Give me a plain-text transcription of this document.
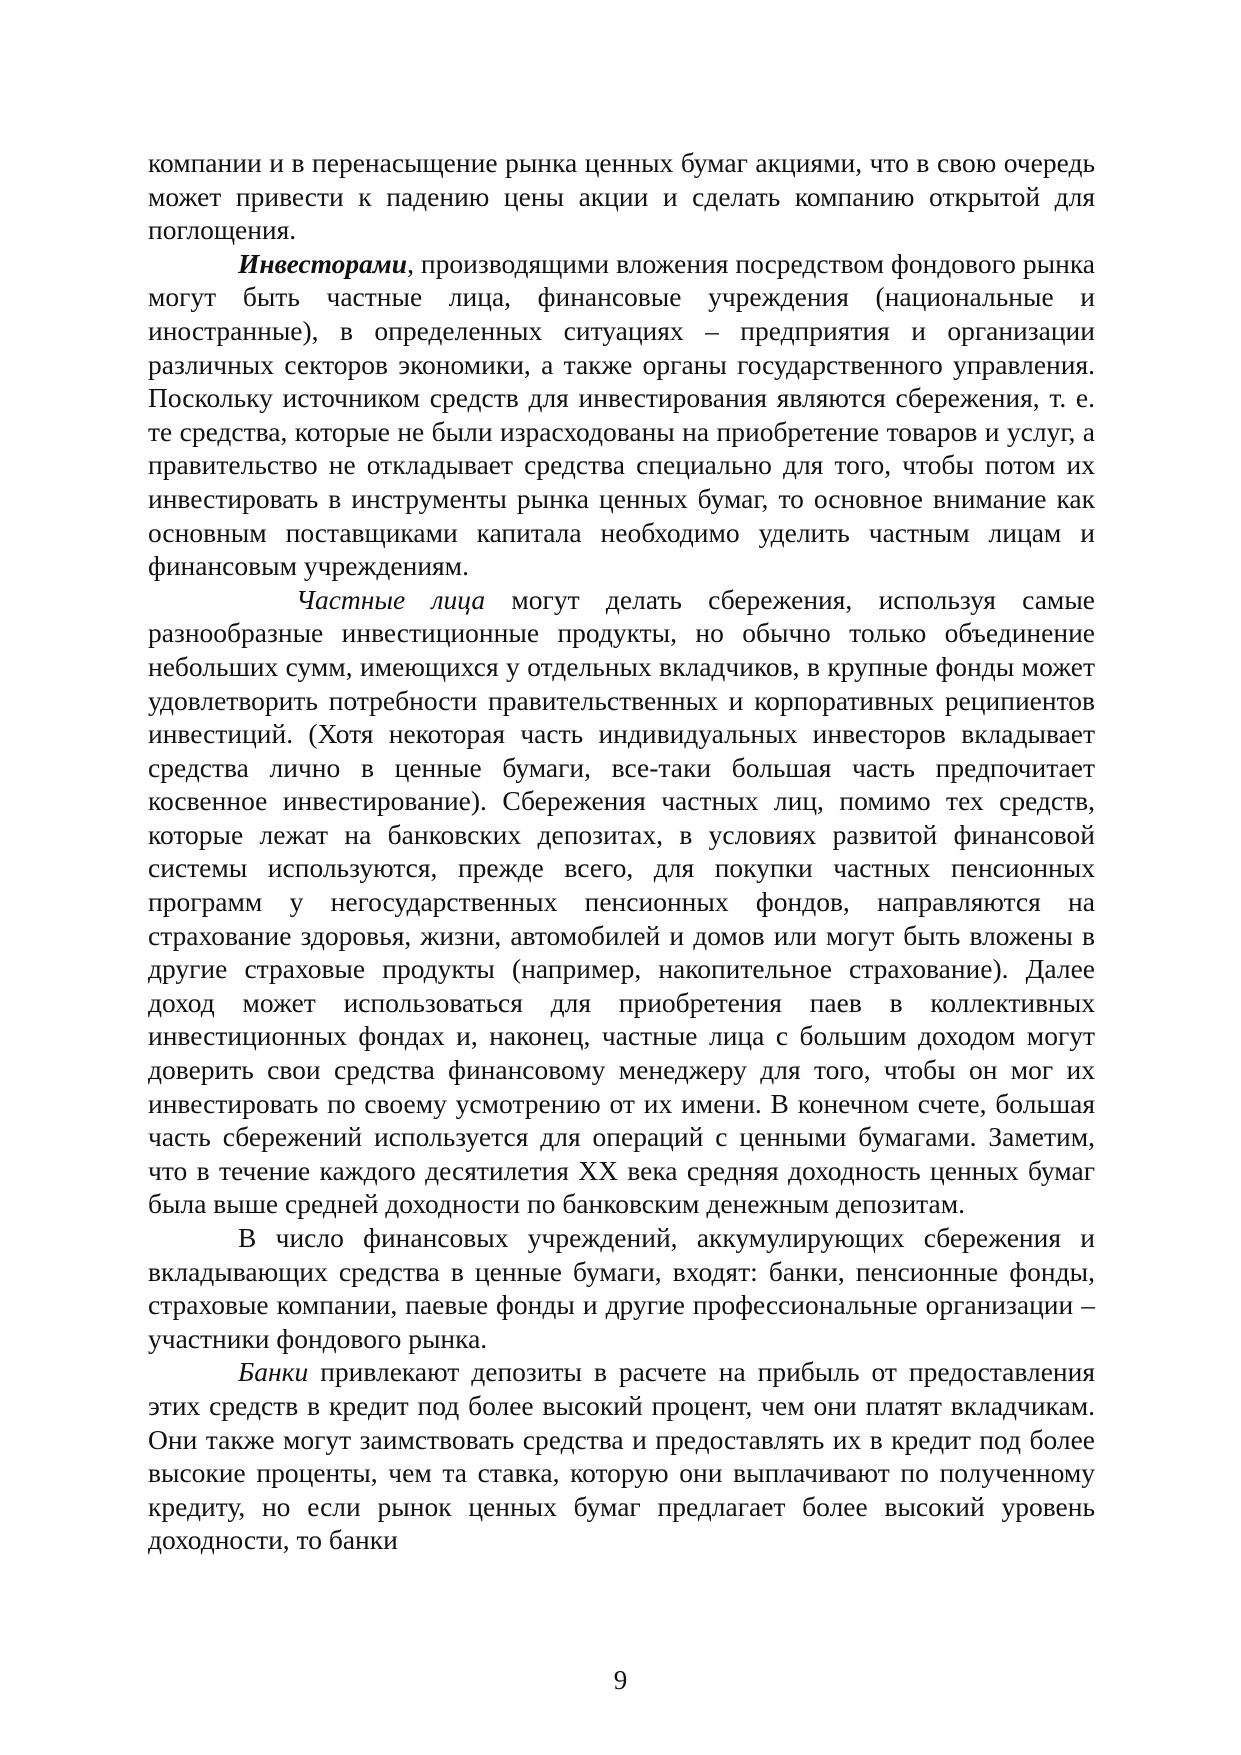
компании и в перенасыщение рынка ценных бумаг акциями, что в свою очередь может привести к падению цены акции и сделать компанию открытой для поглощения.

Инвесторами, производящими вложения посредством фондового рынка могут быть частные лица, финансовые учреждения (национальные и иностранные), в определенных ситуациях – предприятия и организации различных секторов экономики, а также органы государственного управления. Поскольку источником средств для инвестирования являются сбережения, т. е. те средства, которые не были израсходованы на приобретение товаров и услуг, а правительство не откладывает средства специально для того, чтобы потом их инвестировать в инструменты рынка ценных бумаг, то основное внимание как основным поставщиками капитала необходимо уделить частным лицам и финансовым учреждениям.

Частные лица могут делать сбережения, используя самые разнообразные инвестиционные продукты, но обычно только объединение небольших сумм, имеющихся у отдельных вкладчиков, в крупные фонды может удовлетворить потребности правительственных и корпоративных реципиентов инвестиций. (Хотя некоторая часть индивидуальных инвесторов вкладывает средства лично в ценные бумаги, все-таки большая часть предпочитает косвенное инвестирование). Сбережения частных лиц, помимо тех средств, которые лежат на банковских депозитах, в условиях развитой финансовой системы используются, прежде всего, для покупки частных пенсионных программ у негосударственных пенсионных фондов, направляются на страхование здоровья, жизни, автомобилей и домов или могут быть вложены в другие страховые продукты (например, накопительное страхование). Далее доход может использоваться для приобретения паев в коллективных инвестиционных фондах и, наконец, частные лица с большим доходом могут доверить свои средства финансовому менеджеру для того, чтобы он мог их инвестировать по своему усмотрению от их имени. В конечном счете, большая часть сбережений используется для операций с ценными бумагами. Заметим, что в течение каждого десятилетия XX века средняя доходность ценных бумаг была выше средней доходности по банковским денежным депозитам.

В число финансовых учреждений, аккумулирующих сбережения и вкладывающих средства в ценные бумаги, входят: банки, пенсионные фонды, страховые компании, паевые фонды и другие профессиональные организации – участники фондового рынка.

Банки привлекают депозиты в расчете на прибыль от предоставления этих средств в кредит под более высокий процент, чем они платят вкладчикам. Они также могут заимствовать средства и предоставлять их в кредит под более высокие проценты, чем та ставка, которую они выплачивают по полученному кредиту, но если рынок ценных бумаг предлагает более высокий уровень доходности, то банки

9
